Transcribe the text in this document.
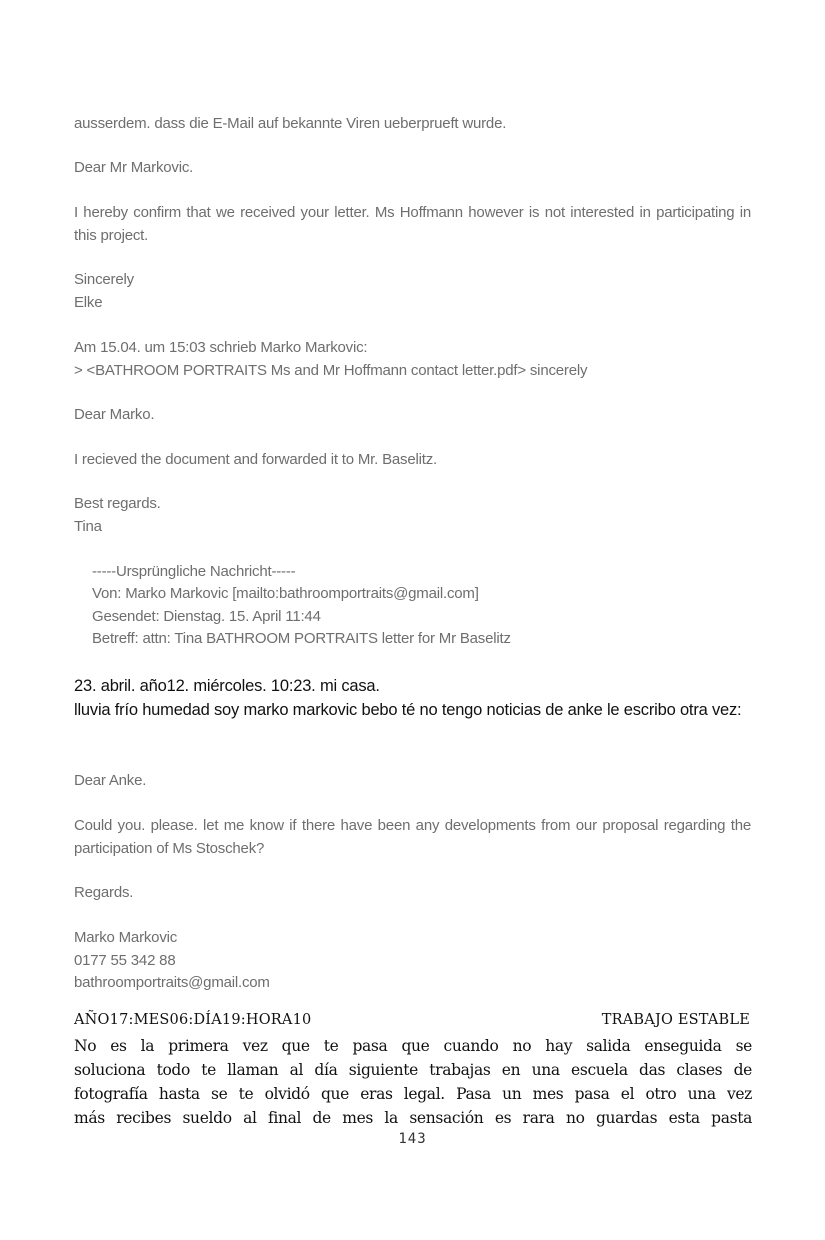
ausserdem. dass die E-Mail auf bekannte Viren ueberprueft wurde.

Dear Mr Markovic.

I hereby confirm that we received your letter. Ms Hoffmann however is not interested in participating in this project.

Sincerely
Elke
Am 15.04. um 15:03 schrieb Marko Markovic:
> <BATHROOM PORTRAITS Ms and Mr Hoffmann contact letter.pdf> sincerely

Dear Marko.

I recieved the document and forwarded it to Mr. Baselitz.

Best regards.
Tina
-----Ursprüngliche Nachricht-----
Von: Marko Markovic [mailto:bathroomportraits@gmail.com]
Gesendet: Dienstag. 15. April 11:44
Betreff: attn: Tina BATHROOM PORTRAITS letter for Mr Baselitz
23. abril. año12. miércoles. 10:23. mi casa.
lluvia frío humedad soy marko markovic bebo té no tengo noticias de anke le escribo otra vez:

Dear Anke.

Could you. please. let me know if there have been any developments from our proposal regarding the participation of Ms Stoschek?

Regards.

Marko Markovic
0177 55 342 88
bathroomportraits@gmail.com
AÑO17:MES06:DÍA19:HORA10	TRABAJO ESTABLE
No es la primera vez que te pasa que cuando no hay salida enseguida se
soluciona todo te llaman al día siguiente trabajas en una escuela das clases de
fotografía hasta se te olvidó que eras legal. Pasa un mes pasa el otro una vez
más recibes sueldo al final de mes la sensación es rara no guardas esta pasta
143
